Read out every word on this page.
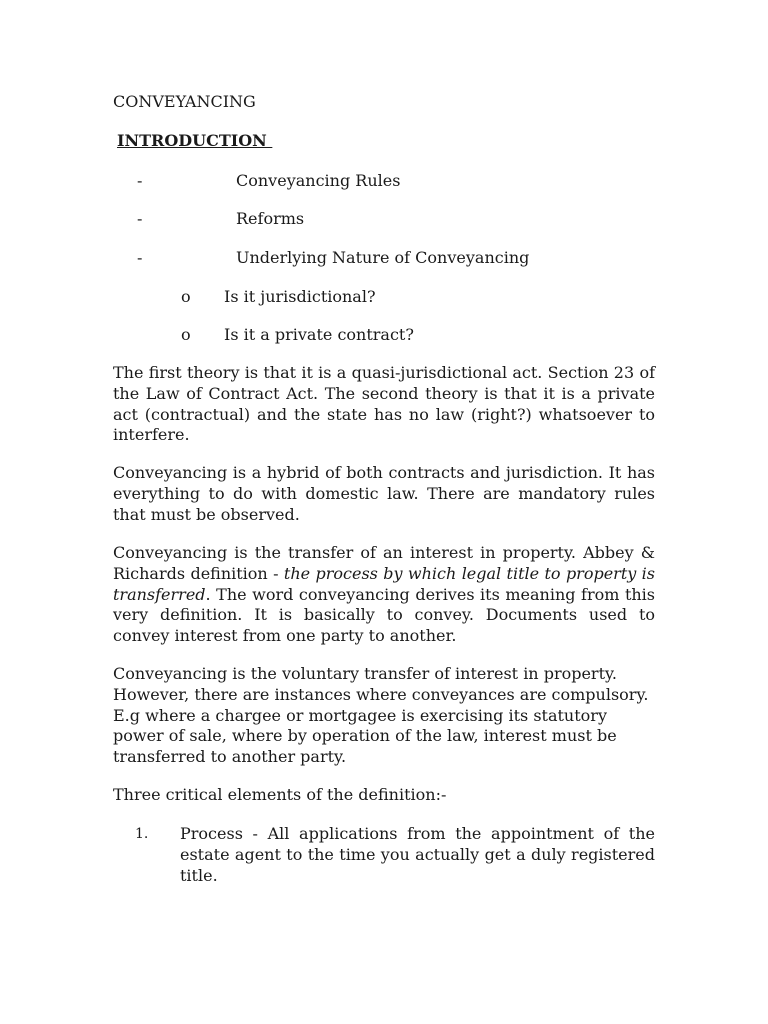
CONVEYANCING
INTRODUCTION
-	Conveyancing Rules
-	Reforms
-	Underlying Nature of Conveyancing
o Is it jurisdictional?
o Is it a private contract?

The first theory is that it is a quasi-jurisdictional act. Section 23 of the Law of Contract Act. The second theory is that it is a private act (contractual) and the state has no law (right?) whatsoever to interfere.

Conveyancing is a hybrid of both contracts and jurisdiction. It has everything to do with domestic law. There are mandatory rules that must be observed.

Conveyancing is the transfer of an interest in property. Abbey & Richards definition - the process by which legal title to property is transferred. The word conveyancing derives its meaning from this very definition. It is basically to convey. Documents used to convey interest from one party to another.

Conveyancing is the voluntary transfer of interest in property. However, there are instances where conveyances are compulsory. E.g where a chargee or mortgagee is exercising its statutory power of sale, where by operation of the law, interest must be transferred to another party.

Three critical elements of the definition:-

1. Process - All applications from the appointment of the estate agent to the time you actually get a duly registered title.
